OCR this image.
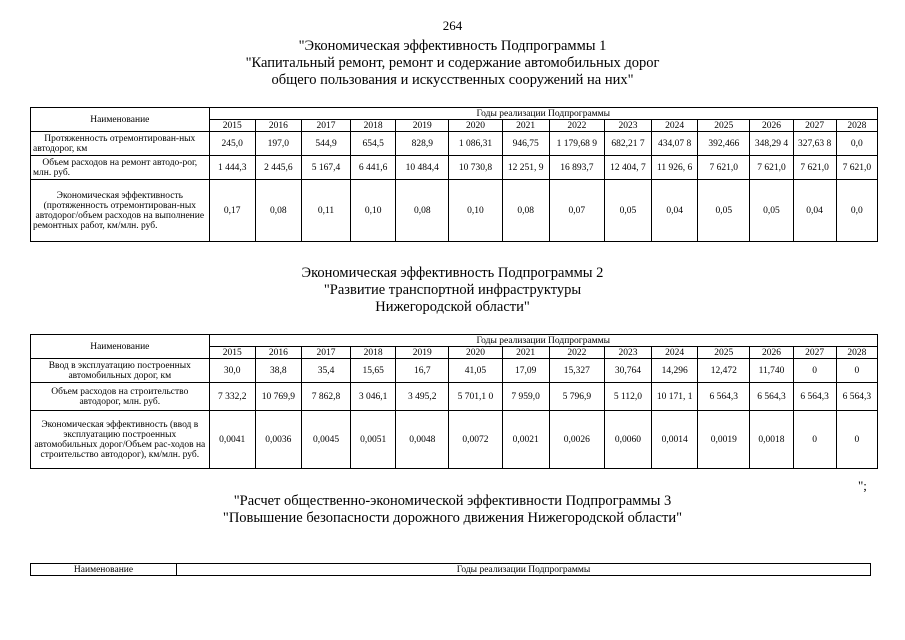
264
"Экономическая эффективность Подпрограммы 1
"Капитальный ремонт, ремонт и содержание автомобильных дорог
общего пользования и искусственных сооружений на них"
Наименование	Годы реализации Подпрограммы													
	2015	2016	2017	2018	2019	2020	2021	2022	2023	2024	2025	2026	2027	2028
Протяженность отремонтирован-ных автодорог, км	245,0	197,0	544,9	654,5	828,9	1 086,31	946,75	1 179,68 9	682,21 7	434,07 8	392,466	348,29 4	327,63 8	0,0
Объем расходов на ремонт автодо-рог, млн. руб.	1 444,3	2 445,6	5 167,4	6 441,6	10 484,4	10 730,8	12 251, 9	16 893,7	12 404, 7	11 926, 6	7 621,0	7 621,0	7 621,0	7 621,0
Экономическая эффективность (протяженность отремонтирован-ных автодорог/объем расходов на выполнение ремонтных работ, км/млн. руб.	0,17	0,08	0,11	0,10	0,08	0,10	0,08	0,07	0,05	0,04	0,05	0,05	0,04	0,0
Экономическая эффективность Подпрограммы 2
"Развитие транспортной инфраструктуры
Нижегородской области"
Наименование	Годы реализации Подпрограммы													
	2015	2016	2017	2018	2019	2020	2021	2022	2023	2024	2025	2026	2027	2028
Ввод в эксплуатацию построенных автомобильных дорог, км	30,0	38,8	35,4	15,65	16,7	41,05	17,09	15,327	30,764	14,296	12,472	11,740	0	0
Объем расходов на строительство автодорог, млн. руб.	7 332,2	10 769,9	7 862,8	3 046,1	3 495,2	5 701,1 0	7 959,0	5 796,9	5 112,0	10 171, 1	6 564,3	6 564,3	6 564,3	6 564,3
Экономическая эффективность (ввод в эксплуатацию построенных автомобильных дорог/Объем рас-ходов на строительство автодорог), км/млн. руб.	0,0041	0,0036	0,0045	0,0051	0,0048	0,0072	0,0021	0,0026	0,0060	0,0014	0,0019	0,0018	0	0
";
"Расчет общественно-экономической эффективности Подпрограммы 3
"Повышение безопасности дорожного движения Нижегородской области"
Наименование	Годы реализации Подпрограммы
